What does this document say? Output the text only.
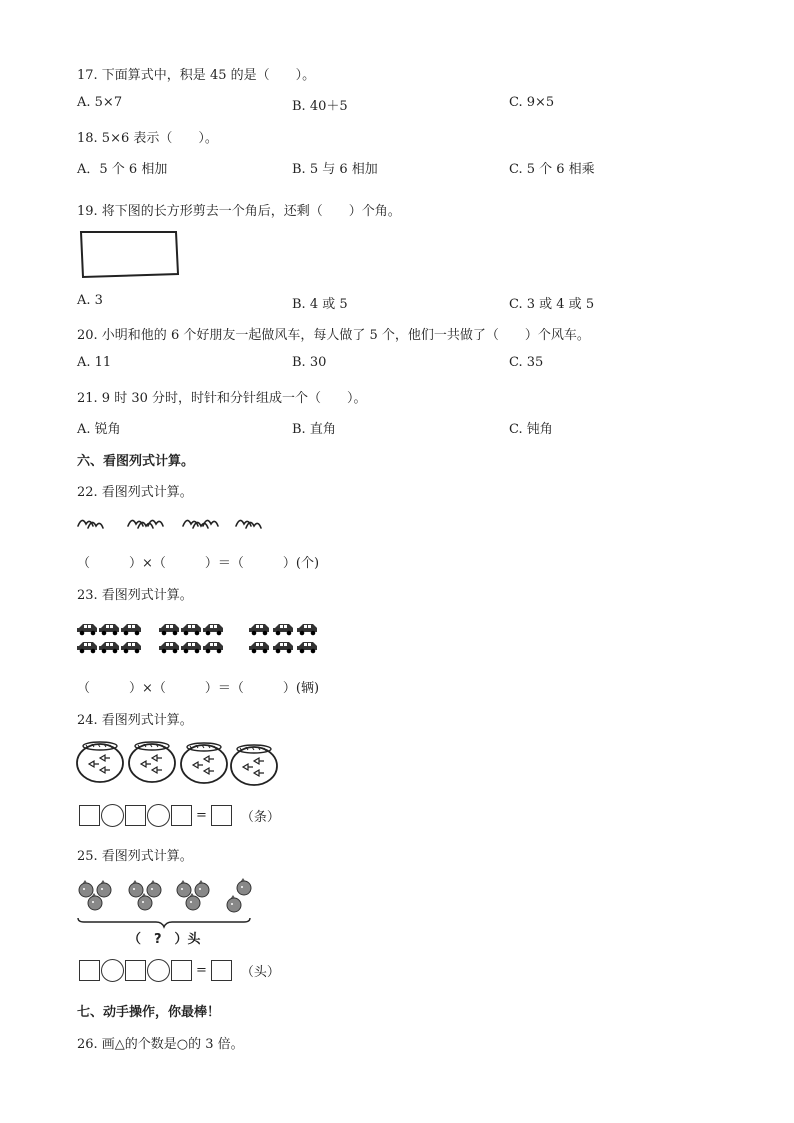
17. 下面算式中，积是 45 的是（　　）。
A. 5×7	B. 40＋5	C. 9×5
18. 5×6 表示（　　）。
A．5 个 6 相加	B. 5 与 6 相加	C. 5 个 6 相乘
19. 将下图的长方形剪去一个角后，还剩（　　）个角。
A. 3	B. 4 或 5	C. 3 或 4 或 5
20. 小明和他的 6 个好朋友一起做风车，每人做了 5 个，他们一共做了（　　）个风车。
A. 11	B. 30	C. 35
21. 9 时 30 分时，时针和分针组成一个（　　）。
A. 锐角	B. 直角	C. 钝角
六、看图列式计算。
22. 看图列式计算。
（　　　）×（　　　）＝（　　　）(个)
23. 看图列式计算。
（　　　）×（　　　）＝（　　　）(辆)
24. 看图列式计算。
=	（条）
25. 看图列式计算。
（　?　）头
=	（头）
七、动手操作，你最棒！
26. 画△的个数是○的 3 倍。
